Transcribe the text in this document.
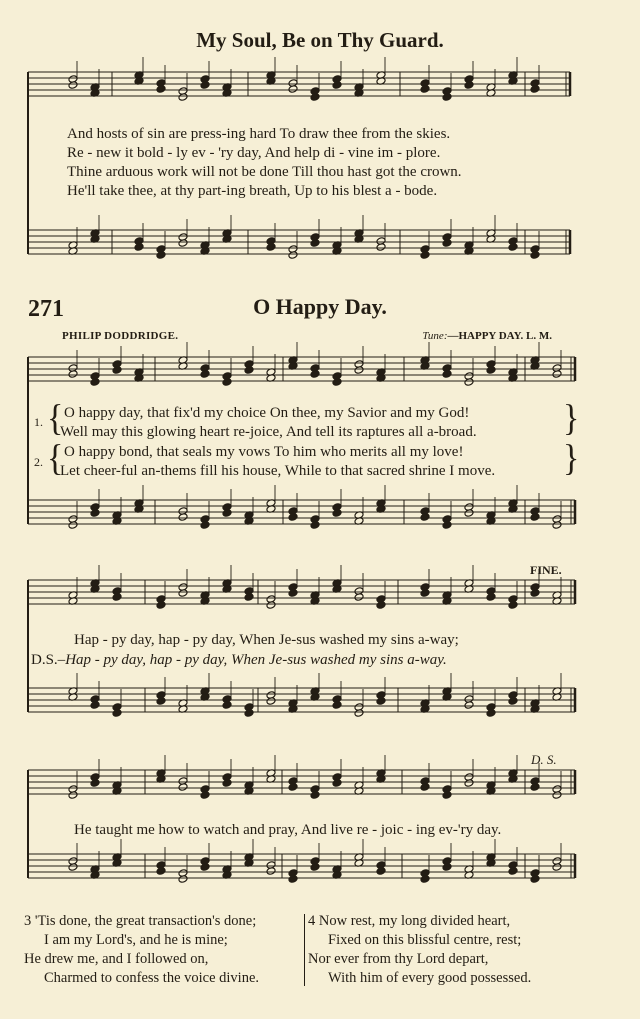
My Soul, Be on Thy Guard.
And hosts of sin are press-ing hard To draw thee from the skies.
Re - new it bold - ly ev - 'ry day, And help di - vine im - plore.
Thine arduous work will not be done Till thou hast got the crown.
He'll take thee, at thy part-ing breath, Up to his blest a - bode.
271	O Happy Day.
PHILIP DODDRIDGE.	Tune:—HAPPY DAY. L. M.
1. { O happy day, that fix'd my choice On thee, my Savior and my God!
Well may this glowing heart re-joice, And tell its raptures all a-broad.	}
2. { O happy bond, that seals my vows To him who merits all my love!
Let cheer-ful an-thems fill his house, While to that sacred shrine I move. }
FINE.
Hap - py day, hap - py day, When Je-sus washed my sins a-way;
D.S.–Hap - py day, hap - py day, When Je-sus washed my sins a-way.
D. S.
He taught me how to watch and pray, And live re - joic - ing ev-'ry day.
3 'Tis done, the great transaction's done;
I am my Lord's, and he is mine;
He drew me, and I followed on,
Charmed to confess the voice divine.
4 Now rest, my long divided heart,
Fixed on this blissful centre, rest;
Nor ever from thy Lord depart,
With him of every good possessed.
